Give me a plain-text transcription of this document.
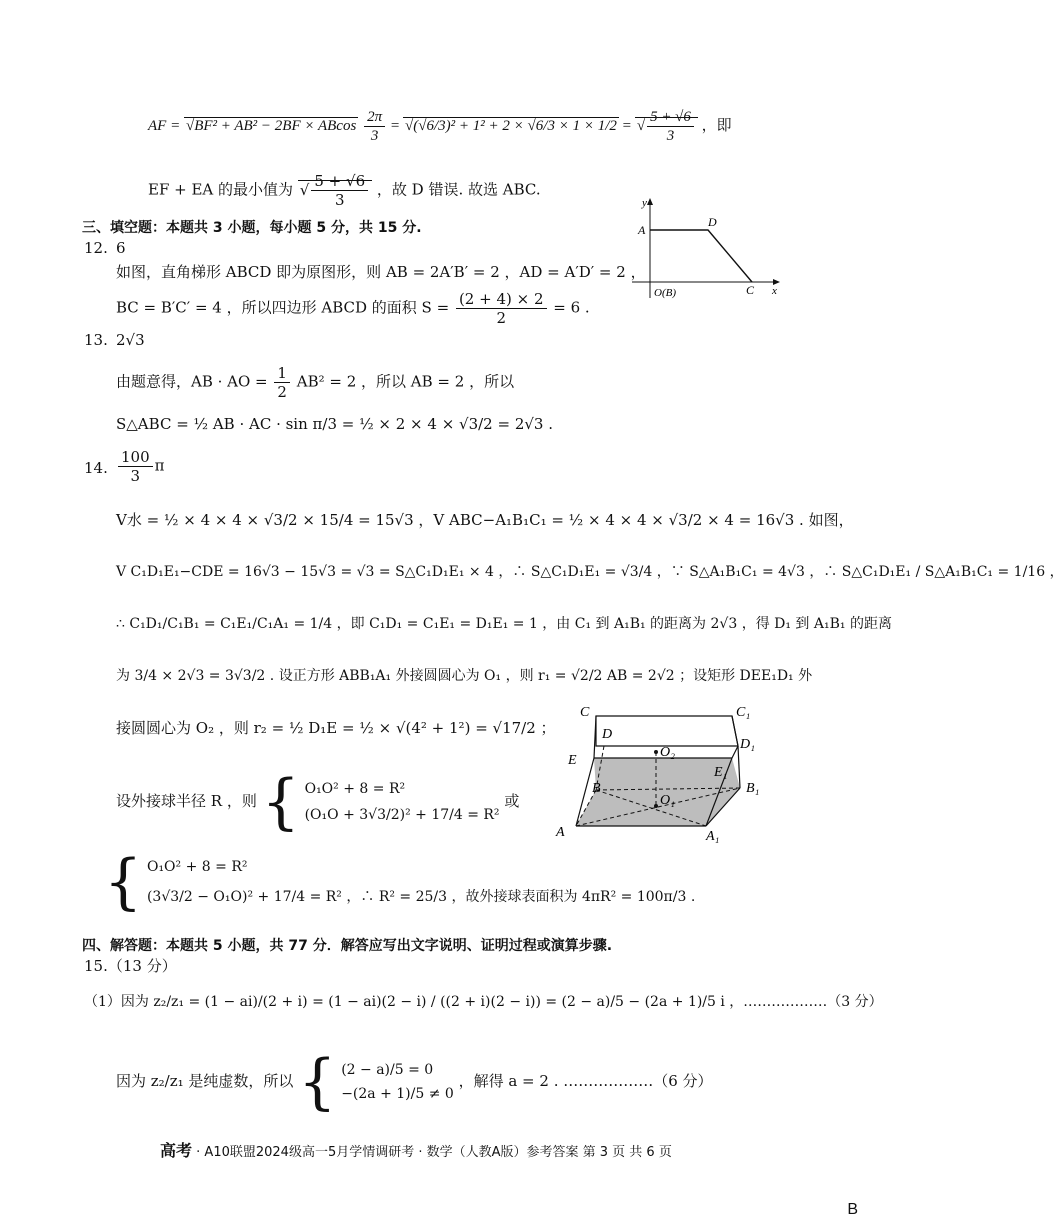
AF = √BF² + AB² − 2BF × ABcos $\frac{2\pi}{3} = √(√6/3)^2 + 1^2 + 2 \times √6/3 \times 1 \times 1/2$ = √ $\frac{5 + √6}{3}$ ，即
EF + EA 的最小值为 √ $\frac{5 + √6}{3}$ ，故 D 错误. 故选 ABC.
三、填空题：本题共 3 小题，每小题 5 分，共 15 分.
12. 6
如图，直角梯形 ABCD 即为原图形，则 AB = 2A′B′ = 2 ，AD = A′D′ = 2 ，
BC = B′C′ = 4 ，所以四边形 ABCD 的面积 $S = \frac{(2 + 4) \times 2}{2} = 6$ .
y
x
A
D
O(B)	C
13. 2√3
由题意得，AB · AO = $\frac{1}{2} AB^2 = 2$ ，所以 AB = 2 ，所以
S△ABC = ½ AB · AC · sin π/3 = ½ × 2 × 4 × √3/2 = 2√3 .
14. $\frac{100}{3}$ π
V水 = ½ × 4 × 4 × √3/2 × 15/4 = 15√3 ，V ABC−A₁B₁C₁ = ½ × 4 × 4 × √3/2 × 4 = 16√3 . 如图，
V C₁D₁E₁−CDE = 16√3 − 15√3 = √3 = S△C₁D₁E₁ × 4 ，∴ S△C₁D₁E₁ = √3/4 ，∵ S△A₁B₁C₁ = 4√3 ，∴ S△C₁D₁E₁ / S△A₁B₁C₁ = 1/16 ，
∴ C₁D₁/C₁B₁ = C₁E₁/C₁A₁ = 1/4 ，即 C₁D₁ = C₁E₁ = D₁E₁ = 1 ，由 C₁ 到 A₁B₁ 的距离为 2√3 ，得 D₁ 到 A₁B₁ 的距离
为 3/4 × 2√3 = 3√3/2 . 设正方形 ABB₁A₁ 外接圆圆心为 O₁ ，则 r₁ = √2/2 AB = 2√2 ；设矩形 DEE₁D₁ 外
接圆圆心为 O₂ ，则 r₂ = ½ D₁E = ½ × √(4² + 1²) = √17/2 ；
设外接球半径 R ，则 { O₁O² + 8 = R²
(O₁O + 3√3/2)² + 17/4 = R²
或
{ O₁O² + 8 = R²
(3√3/2 − O₁O)² + 17/4 = R² ，∴ R² = 25/3 ，故外接球表面积为 4πR² = 100π/3 .
C	C₁
D
O₂
D₁
E
E₁
B
O₁
B₁
A	A₁
四、解答题：本题共 5 小题，共 77 分．解答应写出文字说明、证明过程或演算步骤.
15.（13 分）
（1）因为 z₂/z₁ = (1 − ai)/(2 + i) = (1 − ai)(2 − i) / ((2 + i)(2 − i)) = (2 − a)/5 − (2a + 1)/5 i ，………………（3 分）
因为 z₂/z₁ 是纯虚数，所以 { (2 − a)/5 = 0
−(2a + 1)/5 ≠ 0
，解得 a = 2 . ………………（6 分）
高考 · A10联盟2024级高一5月学情调研考 · 数学（人教A版）参考答案 第 3 页 共 6 页
B
